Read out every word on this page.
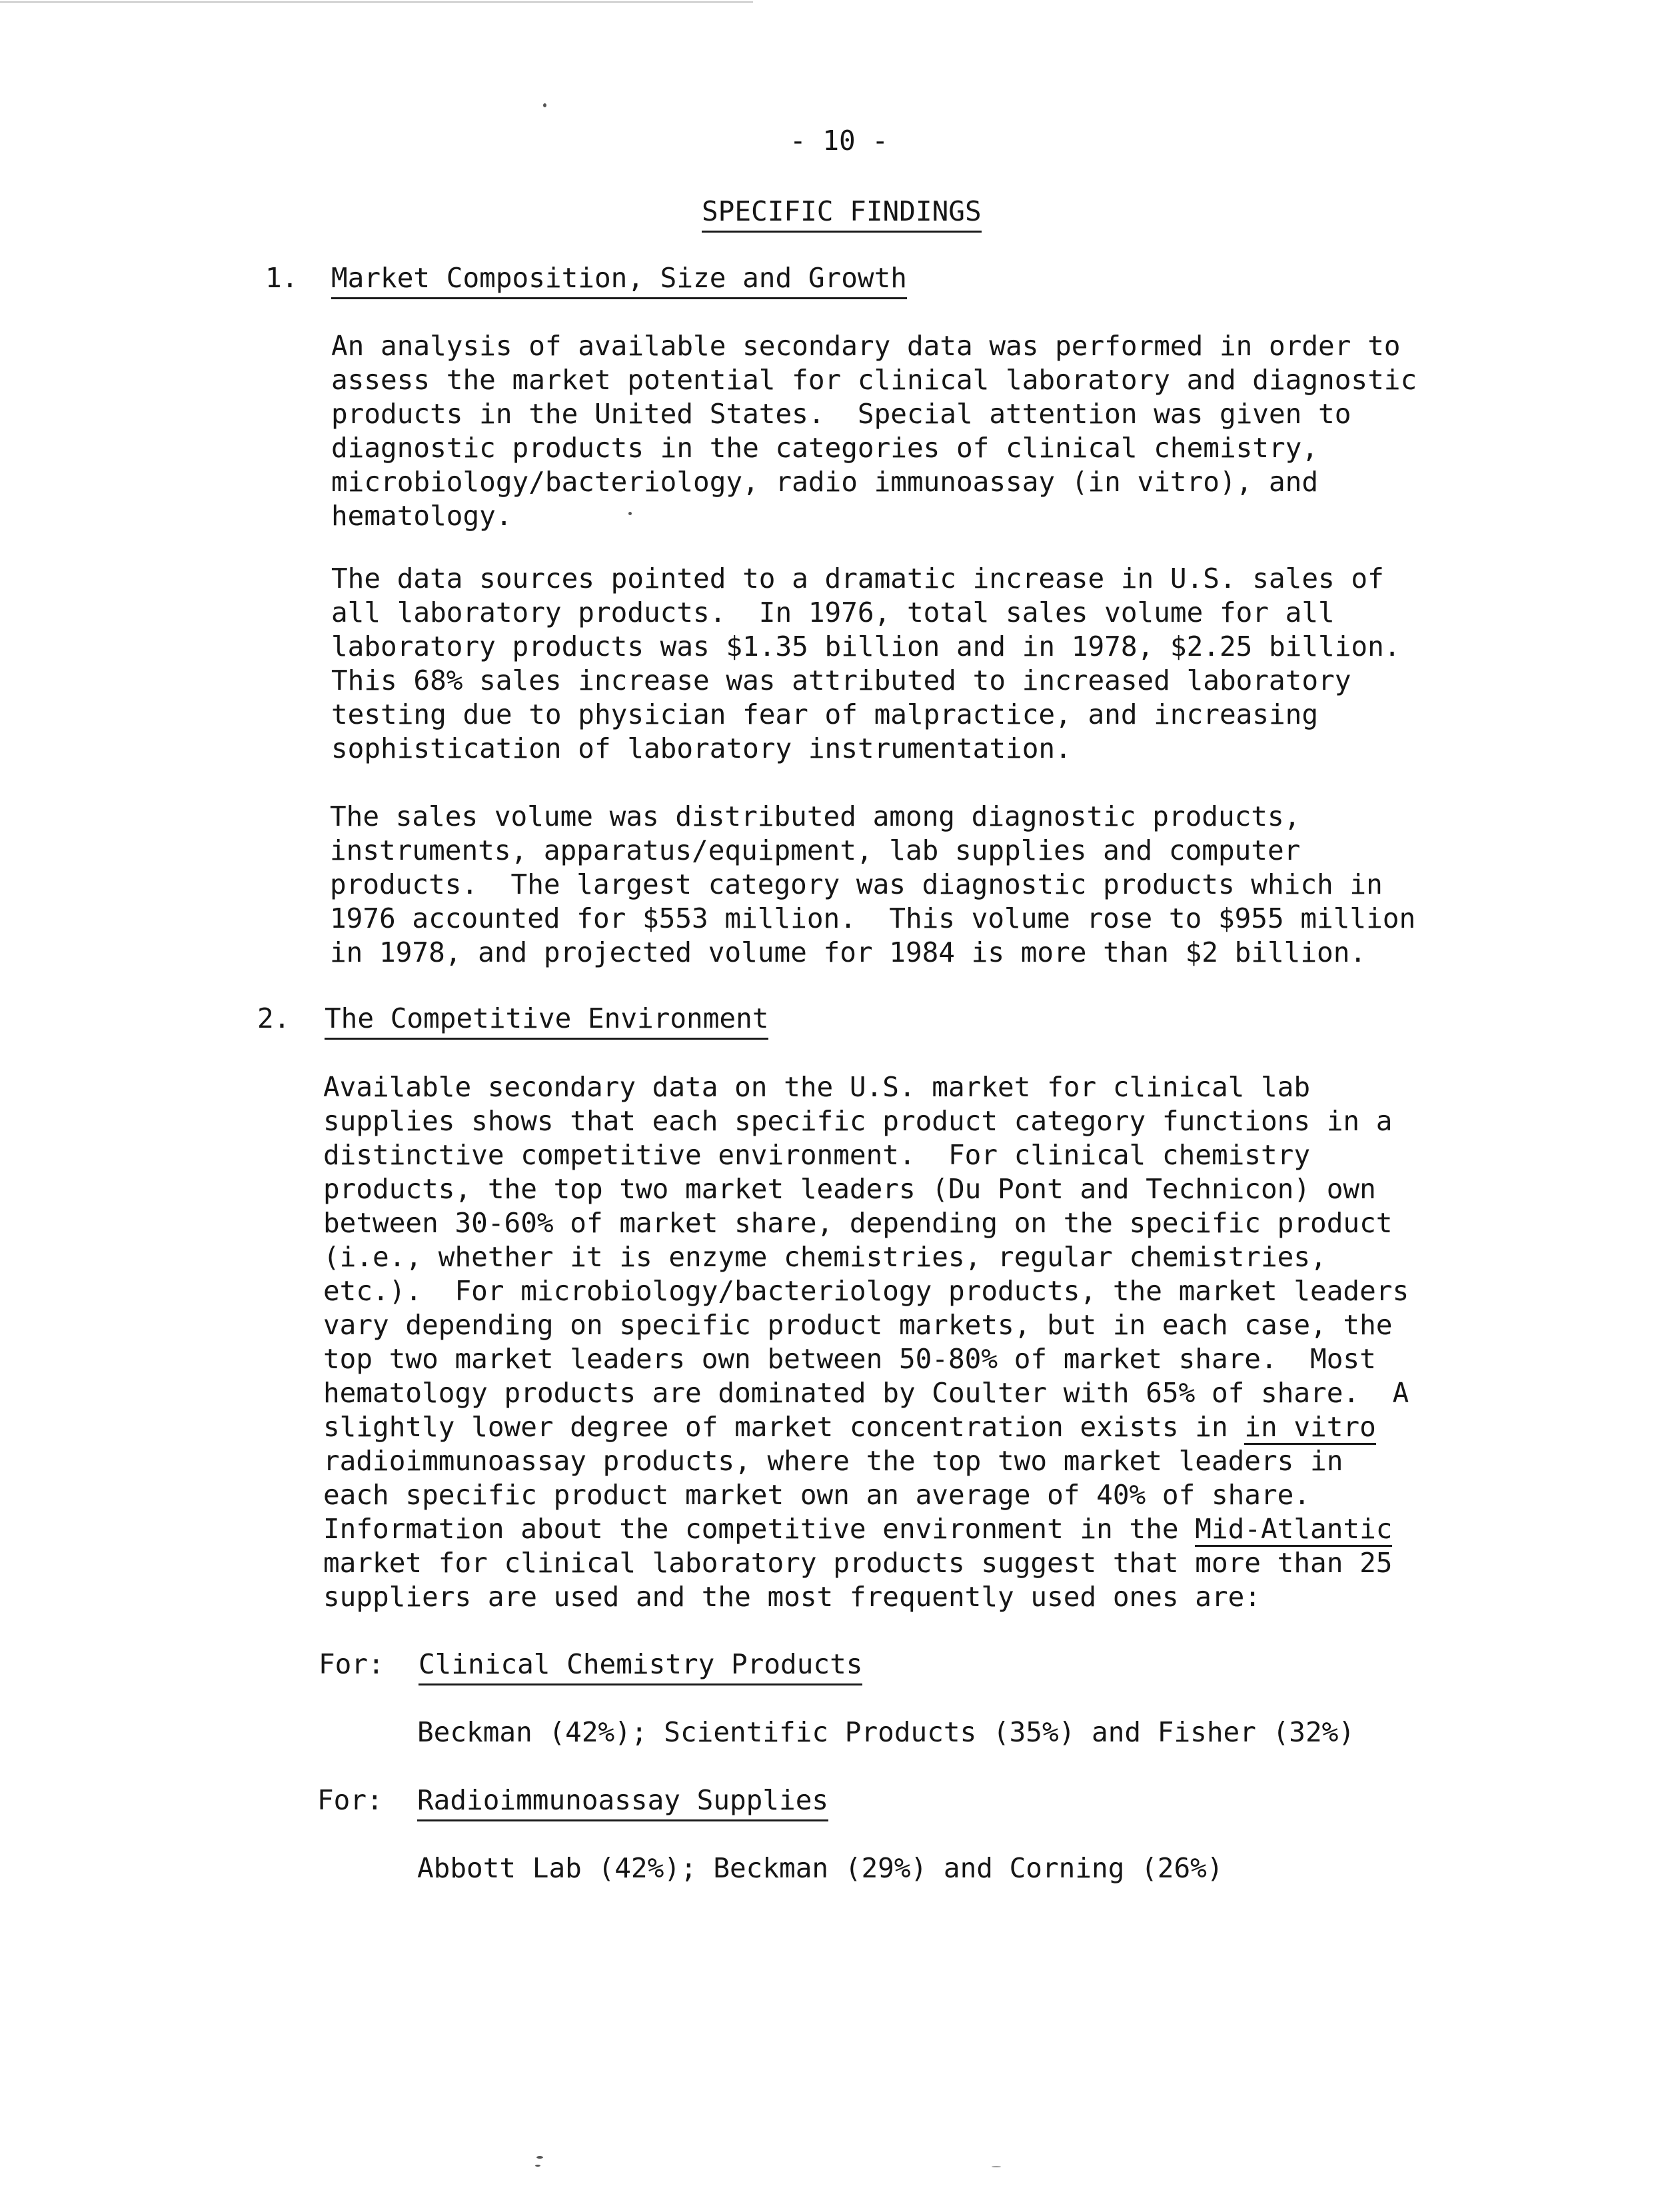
- 10 -
SPECIFIC FINDINGS
1. Market Composition, Size and Growth
An analysis of available secondary data was performed in order to
assess the market potential for clinical laboratory and diagnostic
products in the United States.  Special attention was given to
diagnostic products in the categories of clinical chemistry,
microbiology/bacteriology, radio immunoassay (in vitro), and
hematology.
The data sources pointed to a dramatic increase in U.S. sales of
all laboratory products.  In 1976, total sales volume for all
laboratory products was $1.35 billion and in 1978, $2.25 billion.
This 68% sales increase was attributed to increased laboratory
testing due to physician fear of malpractice, and increasing
sophistication of laboratory instrumentation.
The sales volume was distributed among diagnostic products,
instruments, apparatus/equipment, lab supplies and computer
products.  The largest category was diagnostic products which in
1976 accounted for $553 million.  This volume rose to $955 million
in 1978, and projected volume for 1984 is more than $2 billion.
2. The Competitive Environment
Available secondary data on the U.S. market for clinical lab
supplies shows that each specific product category functions in a
distinctive competitive environment.  For clinical chemistry
products, the top two market leaders (Du Pont and Technicon) own
between 30-60% of market share, depending on the specific product
(i.e., whether it is enzyme chemistries, regular chemistries,
etc.).  For microbiology/bacteriology products, the market leaders
vary depending on specific product markets, but in each case, the
top two market leaders own between 50-80% of market share.  Most
hematology products are dominated by Coulter with 65% of share.  A
slightly lower degree of market concentration exists in in vitro
radioimmunoassay products, where the top two market leaders in
each specific product market own an average of 40% of share.
Information about the competitive environment in the Mid-Atlantic
market for clinical laboratory products suggest that more than 25
suppliers are used and the most frequently used ones are:
For: Clinical Chemistry Products
Beckman (42%); Scientific Products (35%) and Fisher (32%)
For: Radioimmunoassay Supplies
Abbott Lab (42%); Beckman (29%) and Corning (26%)
